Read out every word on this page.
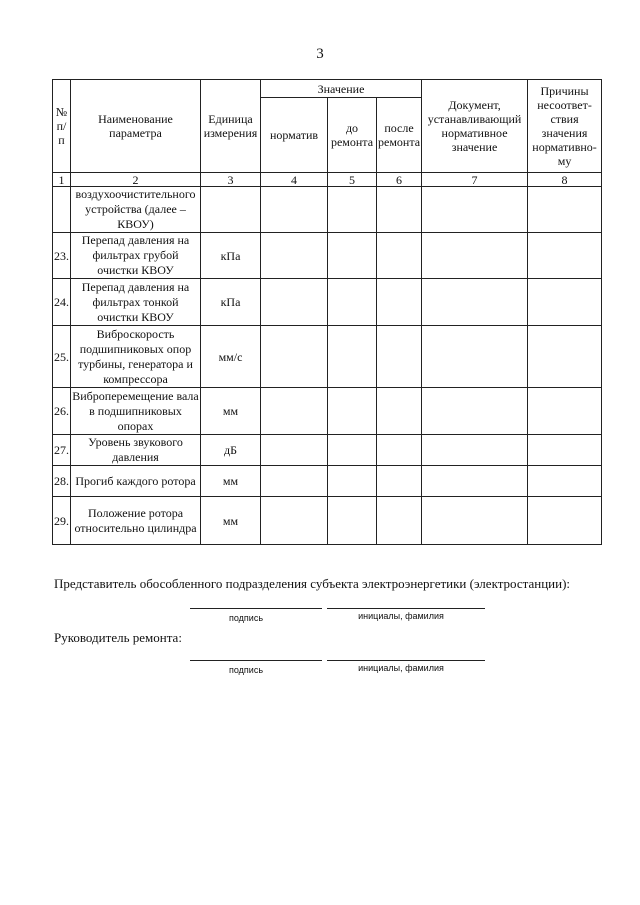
3
№ п/п	Наименование параметра	Единица измерения	Значение			Документ, устанавливающий нормативное значение	Причины несоответ-ствия значения нормативно-му
			норматив	до ремонта	после ремонта		
1	2	3	4	5	6	7	8
	воздухоочистительного устройства (далее – КВОУ)						
23.	Перепад давления на фильтрах грубой очистки КВОУ	кПа					
24.	Перепад давления на фильтрах тонкой очистки КВОУ	кПа					
25.	Виброскорость подшипниковых опор турбины, генератора и компрессора	мм/с					
26.	Виброперемещение вала в подшипниковых опорах	мм					
27.	Уровень звукового давления	дБ					
28.	Прогиб каждого ротора	мм					
29.	Положение ротора относительно цилиндра	мм					
Представитель обособленного подразделения субъекта электроэнергетики (электростанции):
подпись	инициалы, фамилия
Руководитель ремонта:
подпись	инициалы, фамилия
